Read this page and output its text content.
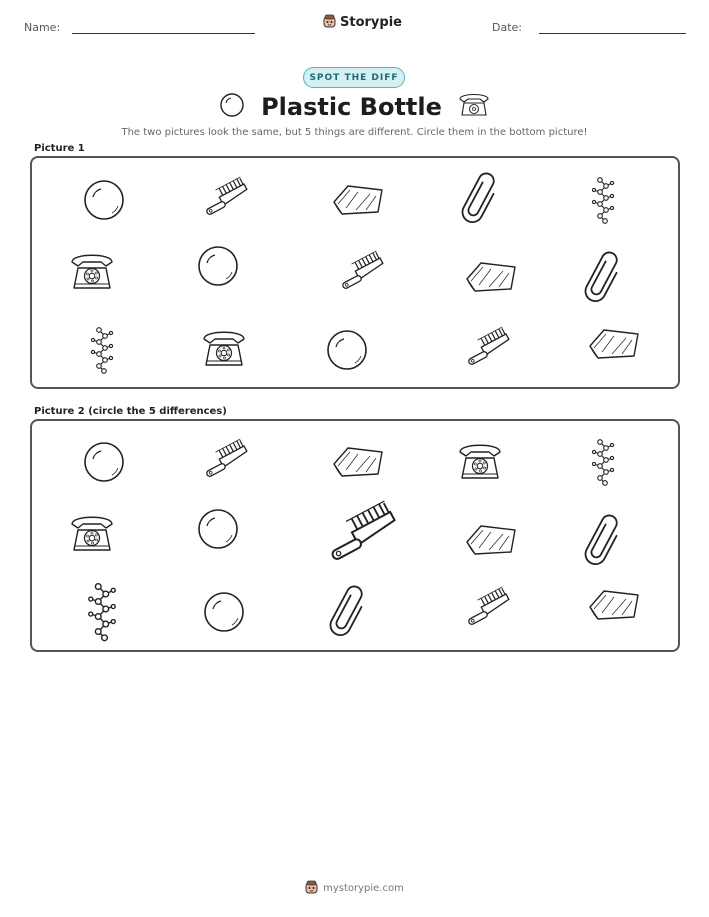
Name:	Storypie	Date:
SPOT THE DIFF
Plastic Bottle
The two pictures look the same, but 5 things are different. Circle them in the bottom picture!
Picture 1
Picture 2 (circle the 5 differences)
mystorypie.com
